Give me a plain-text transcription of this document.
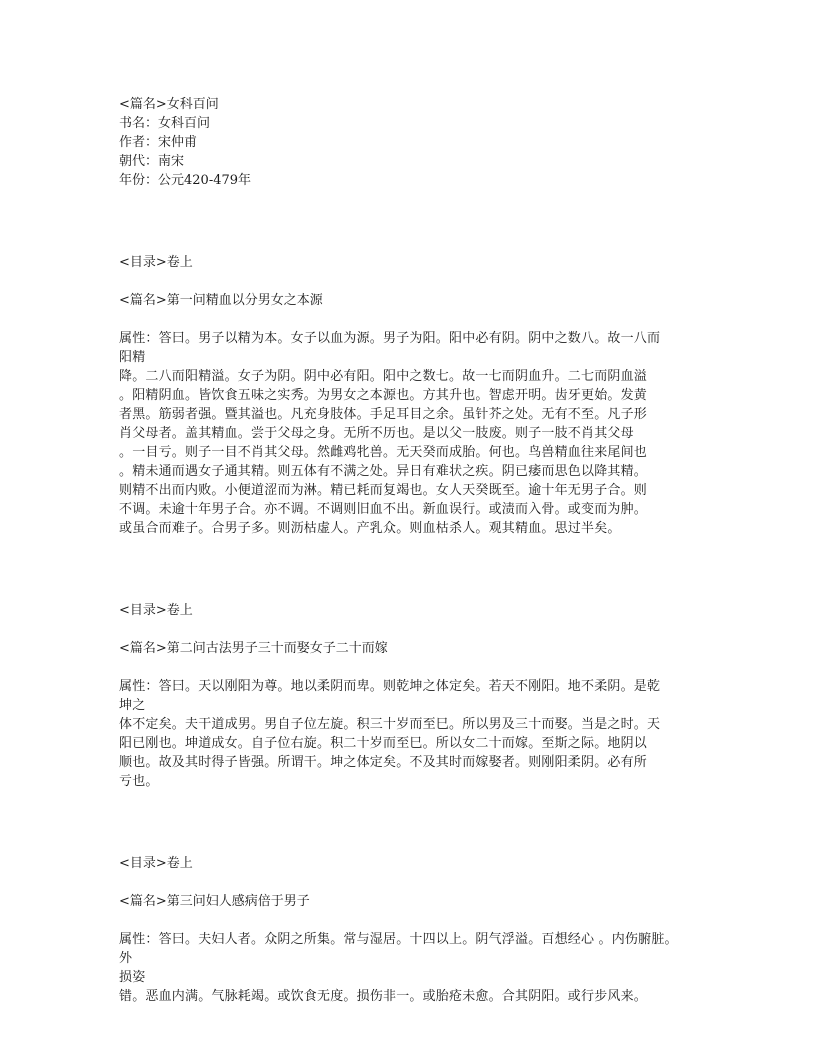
<篇名>女科百问
书名：女科百问
作者：宋仲甫
朝代：南宋
年份：公元420-479年
<目录>卷上
<篇名>第一问精血以分男女之本源
属性：答曰。男子以精为本。女子以血为源。男子为阳。阳中必有阴。阴中之数八。故一八而
阳精
降。二八而阳精溢。女子为阴。阴中必有阳。阳中之数七。故一七而阴血升。二七而阴血溢
。阳精阴血。皆饮食五味之实秀。为男女之本源也。方其升也。智虑开明。齿牙更始。发黄
者黑。筋弱者强。暨其溢也。凡充身肢体。手足耳目之余。虽针芥之处。无有不至。凡子形
肖父母者。盖其精血。尝于父母之身。无所不历也。是以父一肢废。则子一肢不肖其父母
。一目亏。则子一目不肖其父母。然雌鸡牝兽。无天癸而成胎。何也。鸟兽精血往来尾间也
。精未通而遇女子通其精。则五体有不满之处。异日有难状之疾。阴已痿而思色以降其精。
则精不出而内败。小便道涩而为淋。精已耗而复竭也。女人天癸既至。逾十年无男子合。则
不调。未逾十年男子合。亦不调。不调则旧血不出。新血误行。或渍而入骨。或变而为肿。
或虽合而难子。合男子多。则沥枯虚人。产乳众。则血枯杀人。观其精血。思过半矣。
<目录>卷上
<篇名>第二问古法男子三十而娶女子二十而嫁
属性：答曰。天以刚阳为尊。地以柔阴而卑。则乾坤之体定矣。若天不刚阳。地不柔阴。是乾
坤之
体不定矣。夫干道成男。男自子位左旋。积三十岁而至巳。所以男及三十而娶。当是之时。天
阳已刚也。坤道成女。自子位右旋。积二十岁而至巳。所以女二十而嫁。至斯之际。地阴以
顺也。故及其时得子皆强。所谓干。坤之体定矣。不及其时而嫁娶者。则刚阳柔阴。必有所
亏也。
<目录>卷上
<篇名>第三问妇人感病倍于男子
属性：答曰。夫妇人者。众阴之所集。常与湿居。十四以上。阴气浮溢。百想经心 。内伤腑脏。
外
损姿
错。恶血内满。气脉耗竭。或饮食无度。损伤非一。或胎疮未愈。合其阴阳。或行步风来。
